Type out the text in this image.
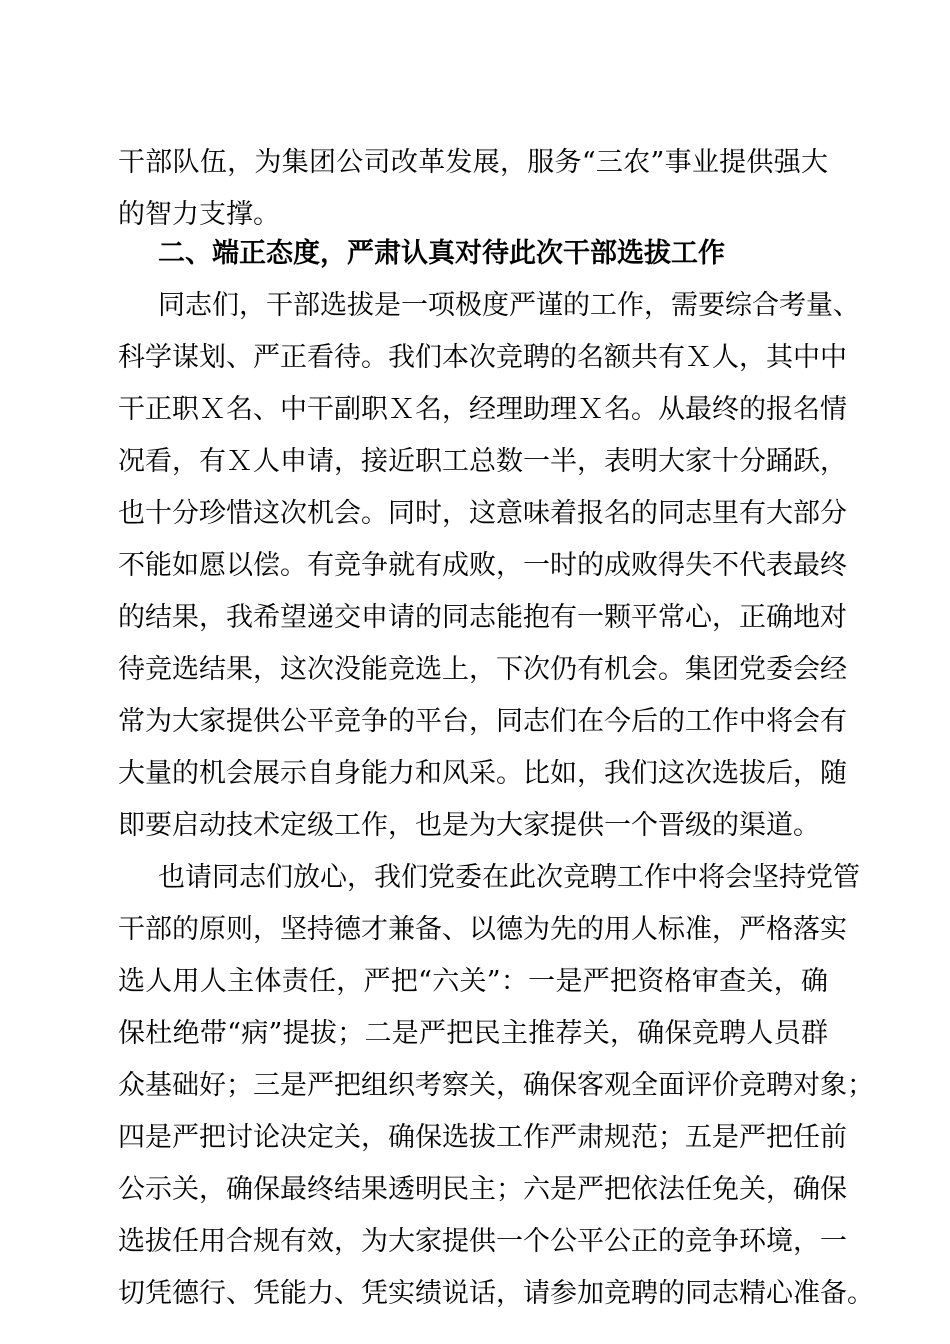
干部队伍，为集团公司改革发展，服务“三农”事业提供强大
的智力支撑。
二、端正态度，严肃认真对待此次干部选拔工作
同志们，干部选拔是一项极度严谨的工作，需要综合考量、
科学谋划、严正看待。我们本次竞聘的名额共有Ｘ人，其中中
干正职Ｘ名、中干副职Ｘ名，经理助理Ｘ名。从最终的报名情
况看，有Ｘ人申请，接近职工总数一半，表明大家十分踊跃，
也十分珍惜这次机会。同时，这意味着报名的同志里有大部分
不能如愿以偿。有竞争就有成败，一时的成败得失不代表最终
的结果，我希望递交申请的同志能抱有一颗平常心，正确地对
待竞选结果，这次没能竞选上，下次仍有机会。集团党委会经
常为大家提供公平竞争的平台，同志们在今后的工作中将会有
大量的机会展示自身能力和风采。比如，我们这次选拔后，随
即要启动技术定级工作，也是为大家提供一个晋级的渠道。
也请同志们放心，我们党委在此次竞聘工作中将会坚持党管
干部的原则，坚持德才兼备、以德为先的用人标准，严格落实
选人用人主体责任，严把“六关”：一是严把资格审查关，确
保杜绝带“病”提拔；二是严把民主推荐关，确保竞聘人员群
众基础好；三是严把组织考察关，确保客观全面评价竞聘对象；
四是严把讨论决定关，确保选拔工作严肃规范；五是严把任前
公示关，确保最终结果透明民主；六是严把依法任免关，确保
选拔任用合规有效，为大家提供一个公平公正的竞争环境，一
切凭德行、凭能力、凭实绩说话，请参加竞聘的同志精心准备。
